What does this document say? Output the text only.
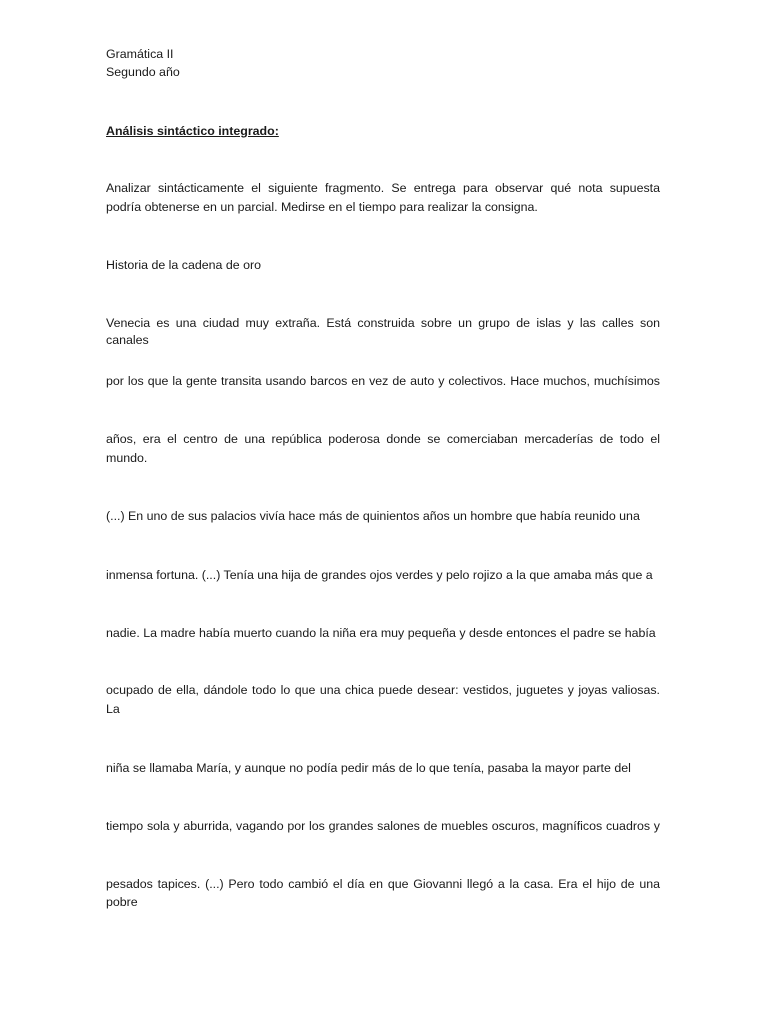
Gramática II
Segundo año
Análisis sintáctico integrado:
Analizar sintácticamente el siguiente fragmento. Se entrega para observar qué nota supuesta
podría obtenerse en un parcial. Medirse en el tiempo para realizar la consigna.
Historia de la cadena de oro
Venecia es una ciudad muy extraña. Está construida sobre un grupo de islas y las calles son canales
por los que la gente transita usando barcos en vez de auto y colectivos. Hace muchos, muchísimos
años, era el centro de una república poderosa donde se comerciaban mercaderías de todo el
mundo.
(...) En uno de sus palacios vivía hace más de quinientos años un hombre que había reunido una
inmensa fortuna. (...) Tenía una hija de grandes ojos verdes y pelo rojizo a la que amaba más que a
nadie. La madre había muerto cuando la niña era muy pequeña y desde entonces el padre se había
ocupado de ella, dándole todo lo que una chica puede desear: vestidos, juguetes y joyas valiosas.
La
niña se llamaba María, y aunque no podía pedir más de lo que tenía, pasaba la mayor parte del
tiempo sola y aburrida, vagando por los grandes salones de muebles oscuros, magníficos cuadros y
pesados tapices. (...) Pero todo cambió el día en que Giovanni llegó a la casa. Era el hijo de una
pobre
